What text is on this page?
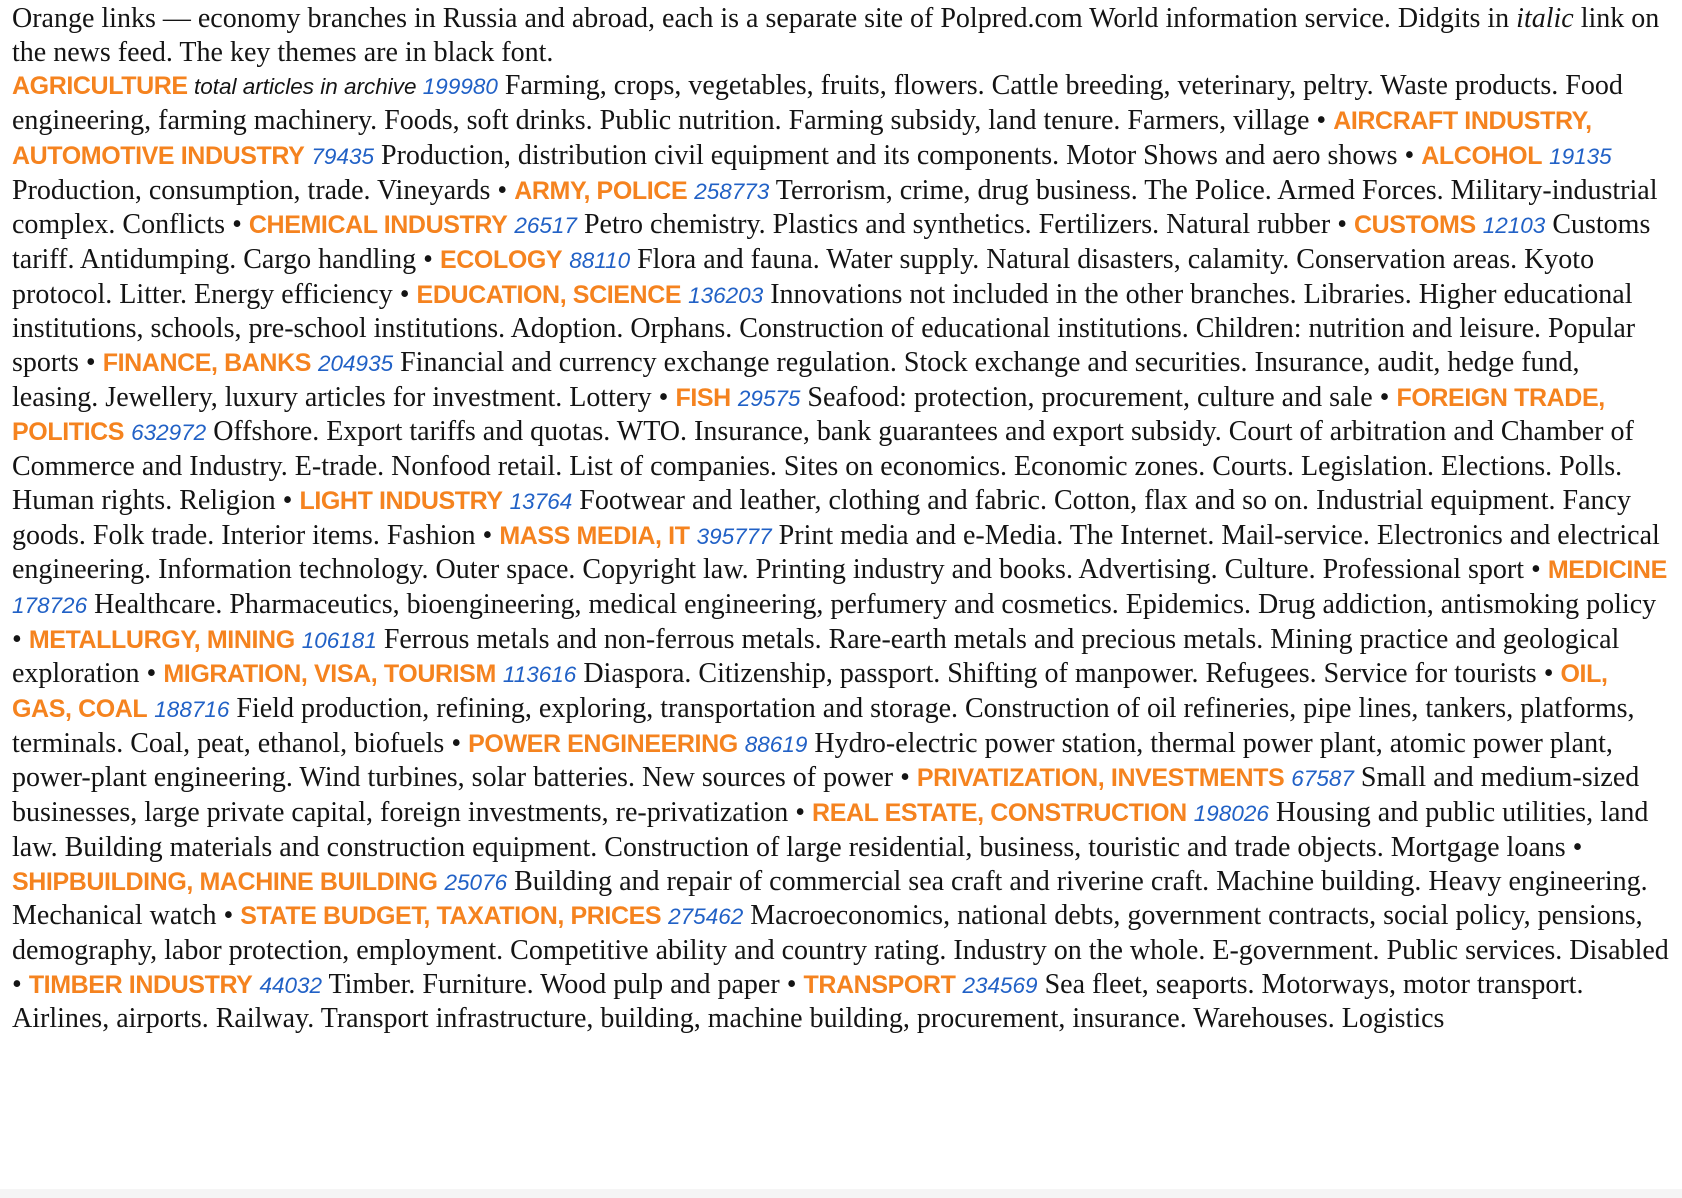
Orange links — economy branches in Russia and abroad, each is a separate site of Polpred.com World information service. Didgits in italic link on the news feed. The key themes are in black font.

AGRICULTURE total articles in archive 199980 Farming, crops, vegetables, fruits, flowers. Cattle breeding, veterinary, peltry. Waste products. Food engineering, farming machinery. Foods, soft drinks. Public nutrition. Farming subsidy, land tenure. Farmers, village • AIRCRAFT INDUSTRY, AUTOMOTIVE INDUSTRY 79435 Production, distribution civil equipment and its components. Motor Shows and aero shows • ALCOHOL 19135 Production, consumption, trade. Vineyards • ARMY, POLICE 258773 Terrorism, crime, drug business. The Police. Armed Forces. Military-industrial complex. Conflicts • CHEMICAL INDUSTRY 26517 Petro chemistry. Plastics and synthetics. Fertilizers. Natural rubber • CUSTOMS 12103 Customs tariff. Antidumping. Cargo handling • ECOLOGY 88110 Flora and fauna. Water supply. Natural disasters, calamity. Conservation areas. Kyoto protocol. Litter. Energy efficiency • EDUCATION, SCIENCE 136203 Innovations not included in the other branches. Libraries. Higher educational institutions, schools, pre-school institutions. Adoption. Orphans. Construction of educational institutions. Children: nutrition and leisure. Popular sports • FINANCE, BANKS 204935 Financial and currency exchange regulation. Stock exchange and securities. Insurance, audit, hedge fund, leasing. Jewellery, luxury articles for investment. Lottery • FISH 29575 Seafood: protection, procurement, culture and sale • FOREIGN TRADE, POLITICS 632972 Offshore. Export tariffs and quotas. WTO. Insurance, bank guarantees and export subsidy. Court of arbitration and Chamber of Commerce and Industry. E-trade. Nonfood retail. List of companies. Sites on economics. Economic zones. Courts. Legislation. Elections. Polls. Human rights. Religion • LIGHT INDUSTRY 13764 Footwear and leather, clothing and fabric. Cotton, flax and so on. Industrial equipment. Fancy goods. Folk trade. Interior items. Fashion • MASS MEDIA, IT 395777 Print media and e-Media. The Internet. Mail-service. Electronics and electrical engineering. Information technology. Outer space. Copyright law. Printing industry and books. Advertising. Culture. Professional sport • MEDICINE 178726 Healthcare. Pharmaceutics, bioengineering, medical engineering, perfumery and cosmetics. Epidemics. Drug addiction, antismoking policy • METALLURGY, MINING 106181 Ferrous metals and non-ferrous metals. Rare-earth metals and precious metals. Mining practice and geological exploration • MIGRATION, VISA, TOURISM 113616 Diaspora. Citizenship, passport. Shifting of manpower. Refugees. Service for tourists • OIL, GAS, COAL 188716 Field production, refining, exploring, transportation and storage. Construction of oil refineries, pipe lines, tankers, platforms, terminals. Coal, peat, ethanol, biofuels • POWER ENGINEERING 88619 Hydro-electric power station, thermal power plant, atomic power plant, power-plant engineering. Wind turbines, solar batteries. New sources of power • PRIVATIZATION, INVESTMENTS 67587 Small and medium-sized businesses, large private capital, foreign investments, re-privatization • REAL ESTATE, CONSTRUCTION 198026 Housing and public utilities, land law. Building materials and construction equipment. Construction of large residential, business, touristic and trade objects. Mortgage loans • SHIPBUILDING, MACHINE BUILDING 25076 Building and repair of commercial sea craft and riverine craft. Machine building. Heavy engineering. Mechanical watch • STATE BUDGET, TAXATION, PRICES 275462 Macroeconomics, national debts, government contracts, social policy, pensions, demography, labor protection, employment. Competitive ability and country rating. Industry on the whole. E-government. Public services. Disabled • TIMBER INDUSTRY 44032 Timber. Furniture. Wood pulp and paper • TRANSPORT 234569 Sea fleet, seaports. Motorways, motor transport. Airlines, airports. Railway. Transport infrastructure, building, machine building, procurement, insurance. Warehouses. Logistics
